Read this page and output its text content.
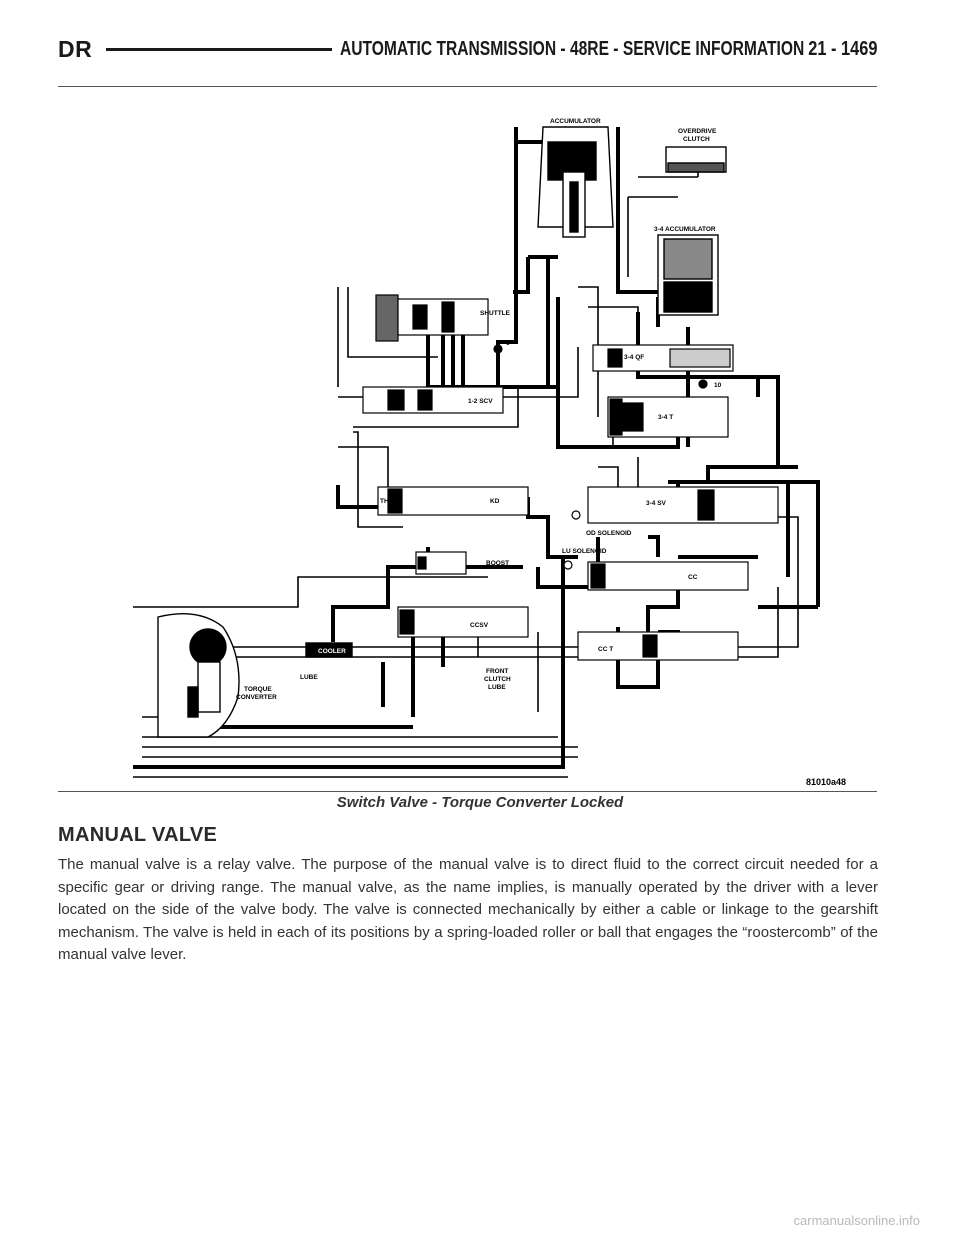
DR	AUTOMATIC TRANSMISSION - 48RE - SERVICE INFORMATION 21 - 1469
ACCUMULATOR
OVERDRIVE
CLUTCH
3-4 ACCUMULATOR
SHUTTLE
6
3-4 QF
10
1-2 SCV
3-4 T
THR	KD	3-4 SV
OD SOLENOID
LU SOLENOID
BOOST
CC
CCSV
COOLER	CC T
LUBE
FRONT
CLUTCH
LUBE
TORQUE
CONVERTER
81010a48
Switch Valve - Torque Converter Locked
MANUAL VALVE
The manual valve is a relay valve. The purpose of the manual valve is to direct fluid to the correct circuit needed for a specific gear or driving range. The manual valve, as the name implies, is manually operated by the driver with a lever located on the side of the valve body. The valve is connected mechanically by either a cable or linkage to the gearshift mechanism. The valve is held in each of its positions by a spring-loaded roller or ball that engages the “roostercomb” of the manual valve lever.
carmanualsonline.info
